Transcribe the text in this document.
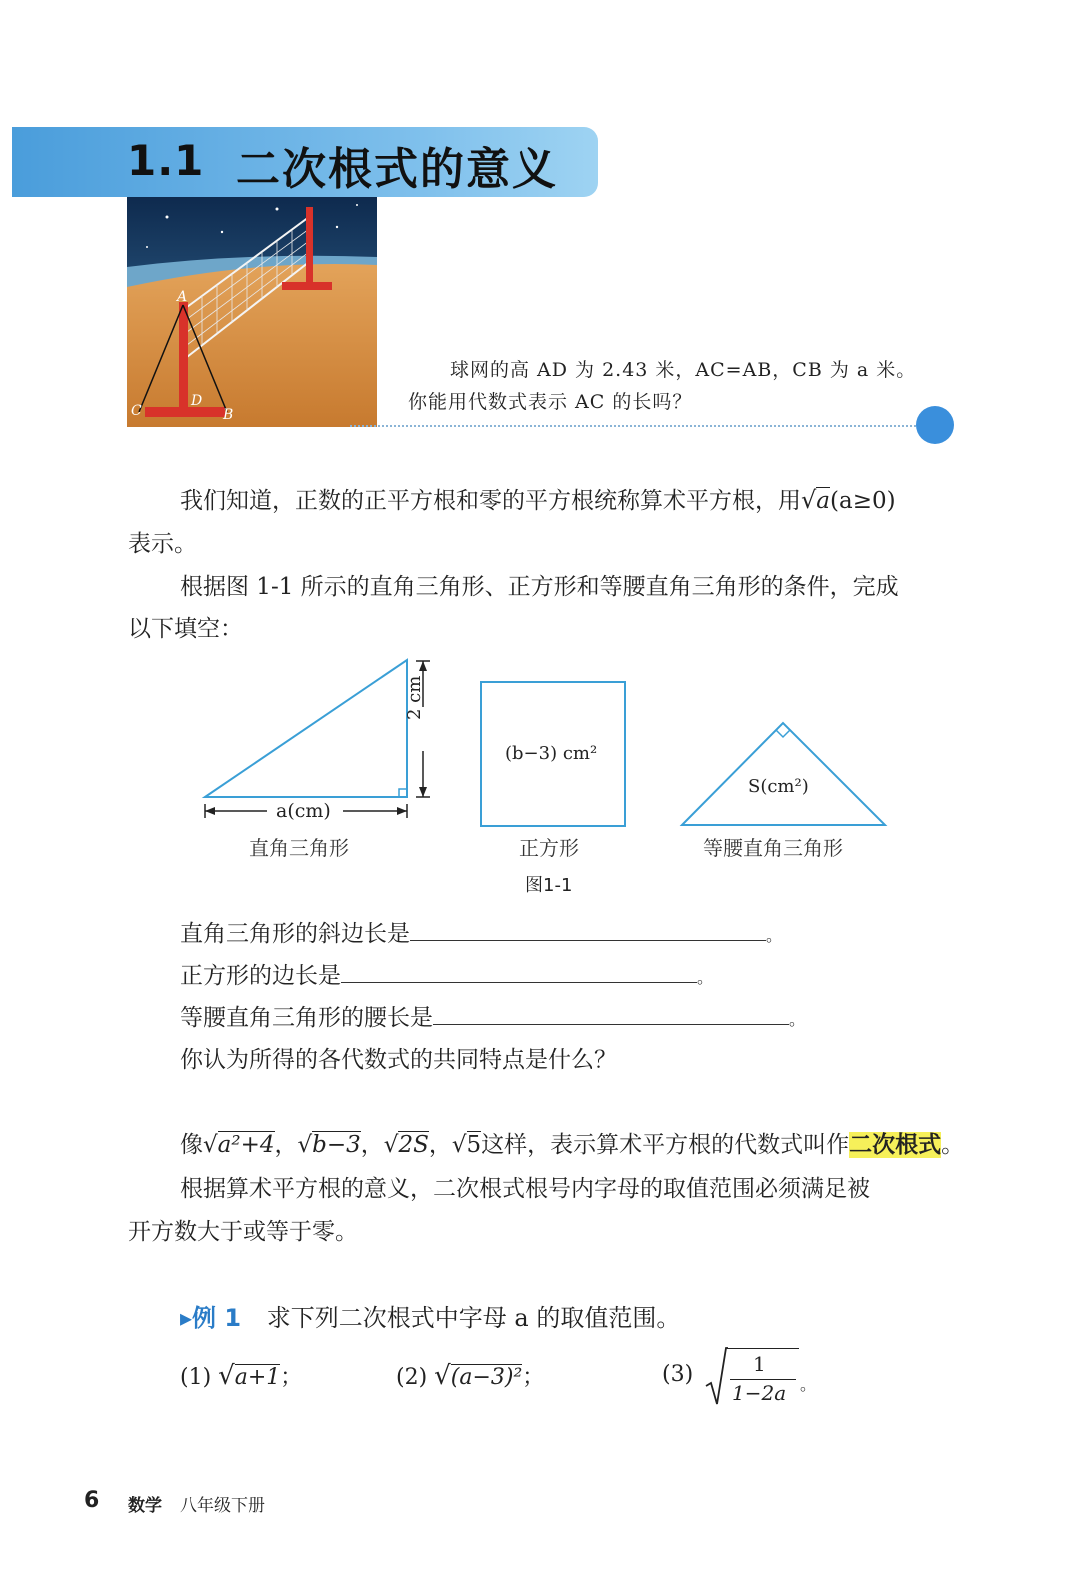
1.1 二次根式的意义
A
C
D
B
球网的高 AD 为 2.43 米，AC=AB，CB 为 a 米。
你能用代数式表示 AC 的长吗？
我们知道，正数的正平方根和零的平方根统称算术平方根，用√a(a≥0)
表示。
根据图 1-1 所示的直角三角形、正方形和等腰直角三角形的条件，完成
以下填空：
2 cm
a(cm)
(b−3) cm²
S(cm²)
直角三角形	正方形	等腰直角三角形
图1-1
直角三角形的斜边长是	。
正方形的边长是	。
等腰直角三角形的腰长是	。
你认为所得的各代数式的共同特点是什么？
像√a²+4，√b−3，√2S，√5这样，表示算术平方根的代数式叫作二次根式。
根据算术平方根的意义，二次根式根号内字母的取值范围必须满足被
开方数大于或等于零。
▸例 1 求下列二次根式中字母 a 的取值范围。
(1) √a+1；	(2) √(a−3)²；	(3)	1
1−2a 。
6 数学 八年级下册
